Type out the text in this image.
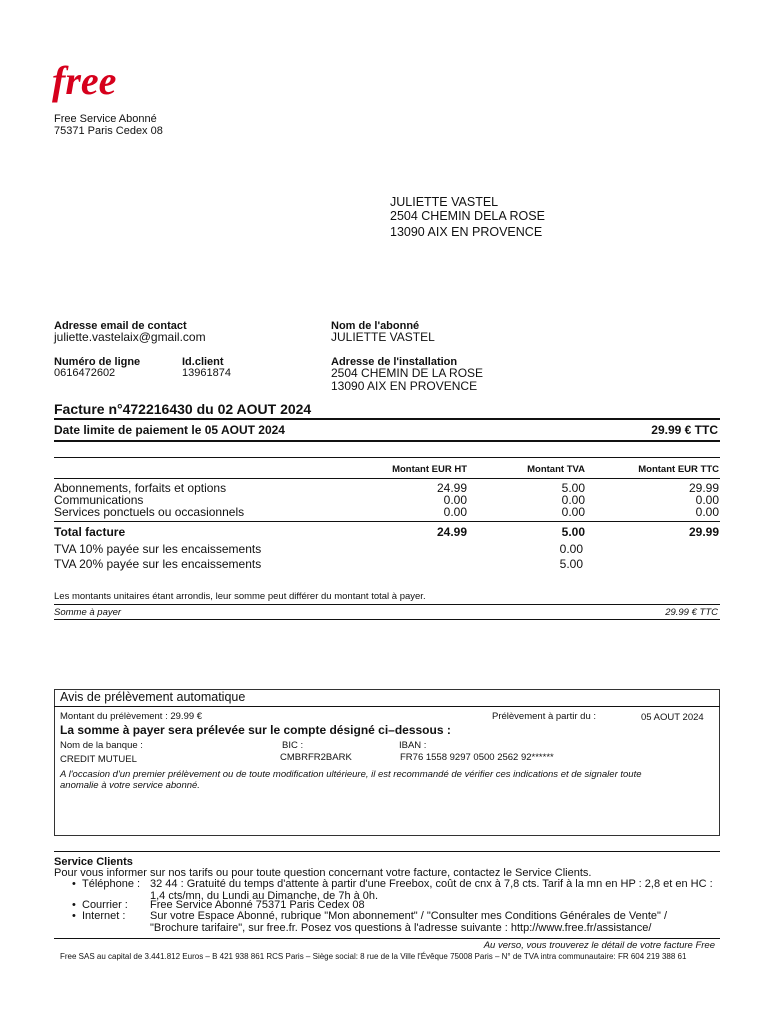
free
Free Service Abonné
75371 Paris Cedex 08
JULIETTE VASTEL
2504 CHEMIN DELA ROSE
13090 AIX EN PROVENCE
Adresse email de contact
juliette.vastelaix@gmail.com
Numéro de ligne
0616472602
Id.client
13961874
Nom de l'abonné
JULIETTE VASTEL
Adresse de l'installation
2504 CHEMIN DE LA ROSE
13090 AIX EN PROVENCE
Facture n°472216430 du 02 AOUT 2024
Date limite de paiement le 05 AOUT 2024	29.99 € TTC
Montant EUR HT	Montant TVA	Montant EUR TTC
Abonnements, forfaits et options	24.99	5.00	29.99
Communications	0.00	0.00	0.00
Services ponctuels ou occasionnels	0.00	0.00	0.00
Total facture	24.99	5.00	29.99
TVA 10% payée sur les encaissements	0.00
TVA 20% payée sur les encaissements	5.00
Les montants unitaires étant arrondis, leur somme peut différer du montant total à payer.
Somme à payer	29.99 € TTC
Avis de prélèvement automatique
Montant du prélèvement : 29.99 €	Prélèvement à partir du :	05 AOUT 2024
La somme à payer sera prélevée sur le compte désigné ci–dessous :
Nom de la banque :	BIC :	IBAN :
CREDIT MUTUEL	CMBRFR2BARK	FR76 1558 9297 0500 2562 92******
A l'occasion d'un premier prélèvement ou de toute modification ultérieure, il est recommandé de vérifier ces indications et de signaler toute anomalie à votre service abonné.
Service Clients
Pour vous informer sur nos tarifs ou pour toute question concernant votre facture, contactez le Service Clients.
• Téléphone : 32 44 : Gratuité du temps d'attente à partir d'une Freebox, coût de cnx à 7,8 cts. Tarif à la mn en HP : 2,8 et en HC : 1,4 cts/mn, du Lundi au Dimanche, de 7h à 0h.
• Courrier : Free Service Abonné 75371 Paris Cedex 08
• Internet : Sur votre Espace Abonné, rubrique "Mon abonnement" / "Consulter mes Conditions Générales de Vente" / "Brochure tarifaire", sur free.fr. Posez vos questions à l'adresse suivante : http://www.free.fr/assistance/
Au verso, vous trouverez le détail de votre facture Free
Free SAS au capital de 3.441.812 Euros – B 421 938 861 RCS Paris – Siège social: 8 rue de la Ville l'Évêque 75008 Paris – N° de TVA intra communautaire: FR 604 219 388 61
